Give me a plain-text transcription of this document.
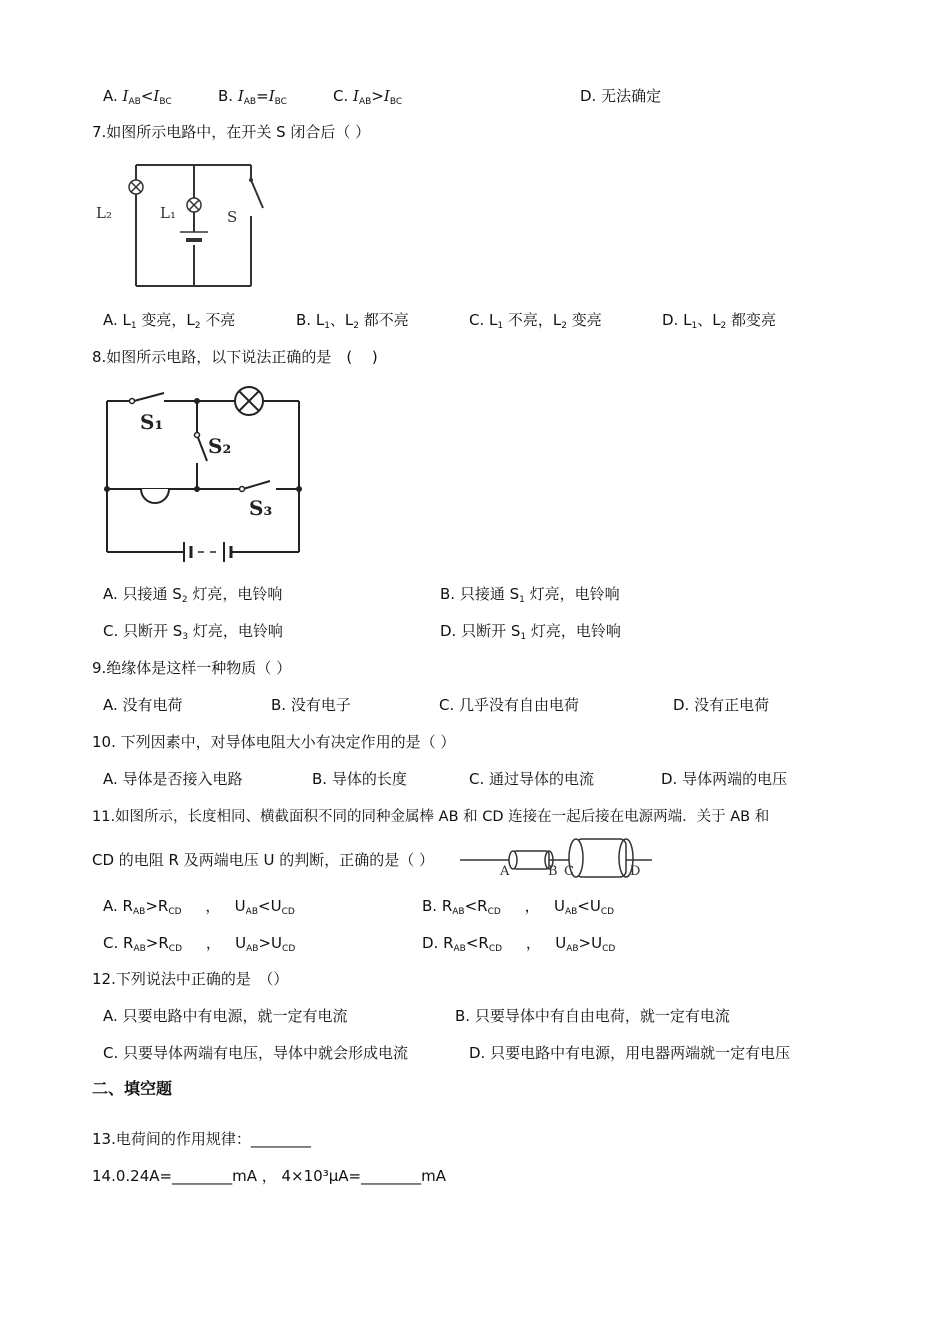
A. $I_{AB}<I_{BC}$	B. $I_{AB}=I_{BC}$	C. $I_{AB}>I_{BC}$	D. 无法确定
7.如图所示电路中，在开关 S 闭合后（ ）
L₂	L₁	S
A. $L_1$ 变亮，$L_2$ 不亮	B. $L_1$、$L_2$ 都不亮	C. $L_1$ 不亮，$L_2$ 变亮	D. $L_1$、$L_2$ 都变亮
8.如图所示电路，以下说法正确的是　(　 )
S₁
S₂
S₃
A. 只接通 $S_2$ 灯亮，电铃响	B. 只接通 $S_1$ 灯亮，电铃响
C. 只断开 $S_3$ 灯亮，电铃响	D. 只断开 $S_1$ 灯亮，电铃响
9.绝缘体是这样一种物质（ ）
A. 没有电荷	B. 没有电子	C. 几乎没有自由电荷	D. 没有正电荷
10. 下列因素中，对导体电阻大小有决定作用的是（ ）
A. 导体是否接入电路	B. 导体的长度	C. 通过导体的电流	D. 导体两端的电压
11.如图所示，长度相同、横截面积不同的同种金属棒 AB 和 CD 连接在一起后接在电源两端．关于 AB 和
CD 的电阻 R 及两端电压 U 的判断，正确的是（ ）
A	B C	D
A. $R_{AB}>R_{CD}$     ，   $U_{AB}<U_{CD}$	B. $R_{AB}<R_{CD}$     ，   $U_{AB}<U_{CD}$
C. $R_{AB}>R_{CD}$     ，   $U_{AB}>U_{CD}$	D. $R_{AB}<R_{CD}$     ，   $U_{AB}>U_{CD}$
12.下列说法中正确的是　（）
A. 只要电路中有电源，就一定有电流	B. 只要导体中有自由电荷，就一定有电流
C. 只要导体两端有电压，导体中就会形成电流	D. 只要电路中有电源，用电器两端就一定有电压
二、填空题
13.电荷间的作用规律：________
14.0.24A=________mA ， 4×10³μA=________mA
